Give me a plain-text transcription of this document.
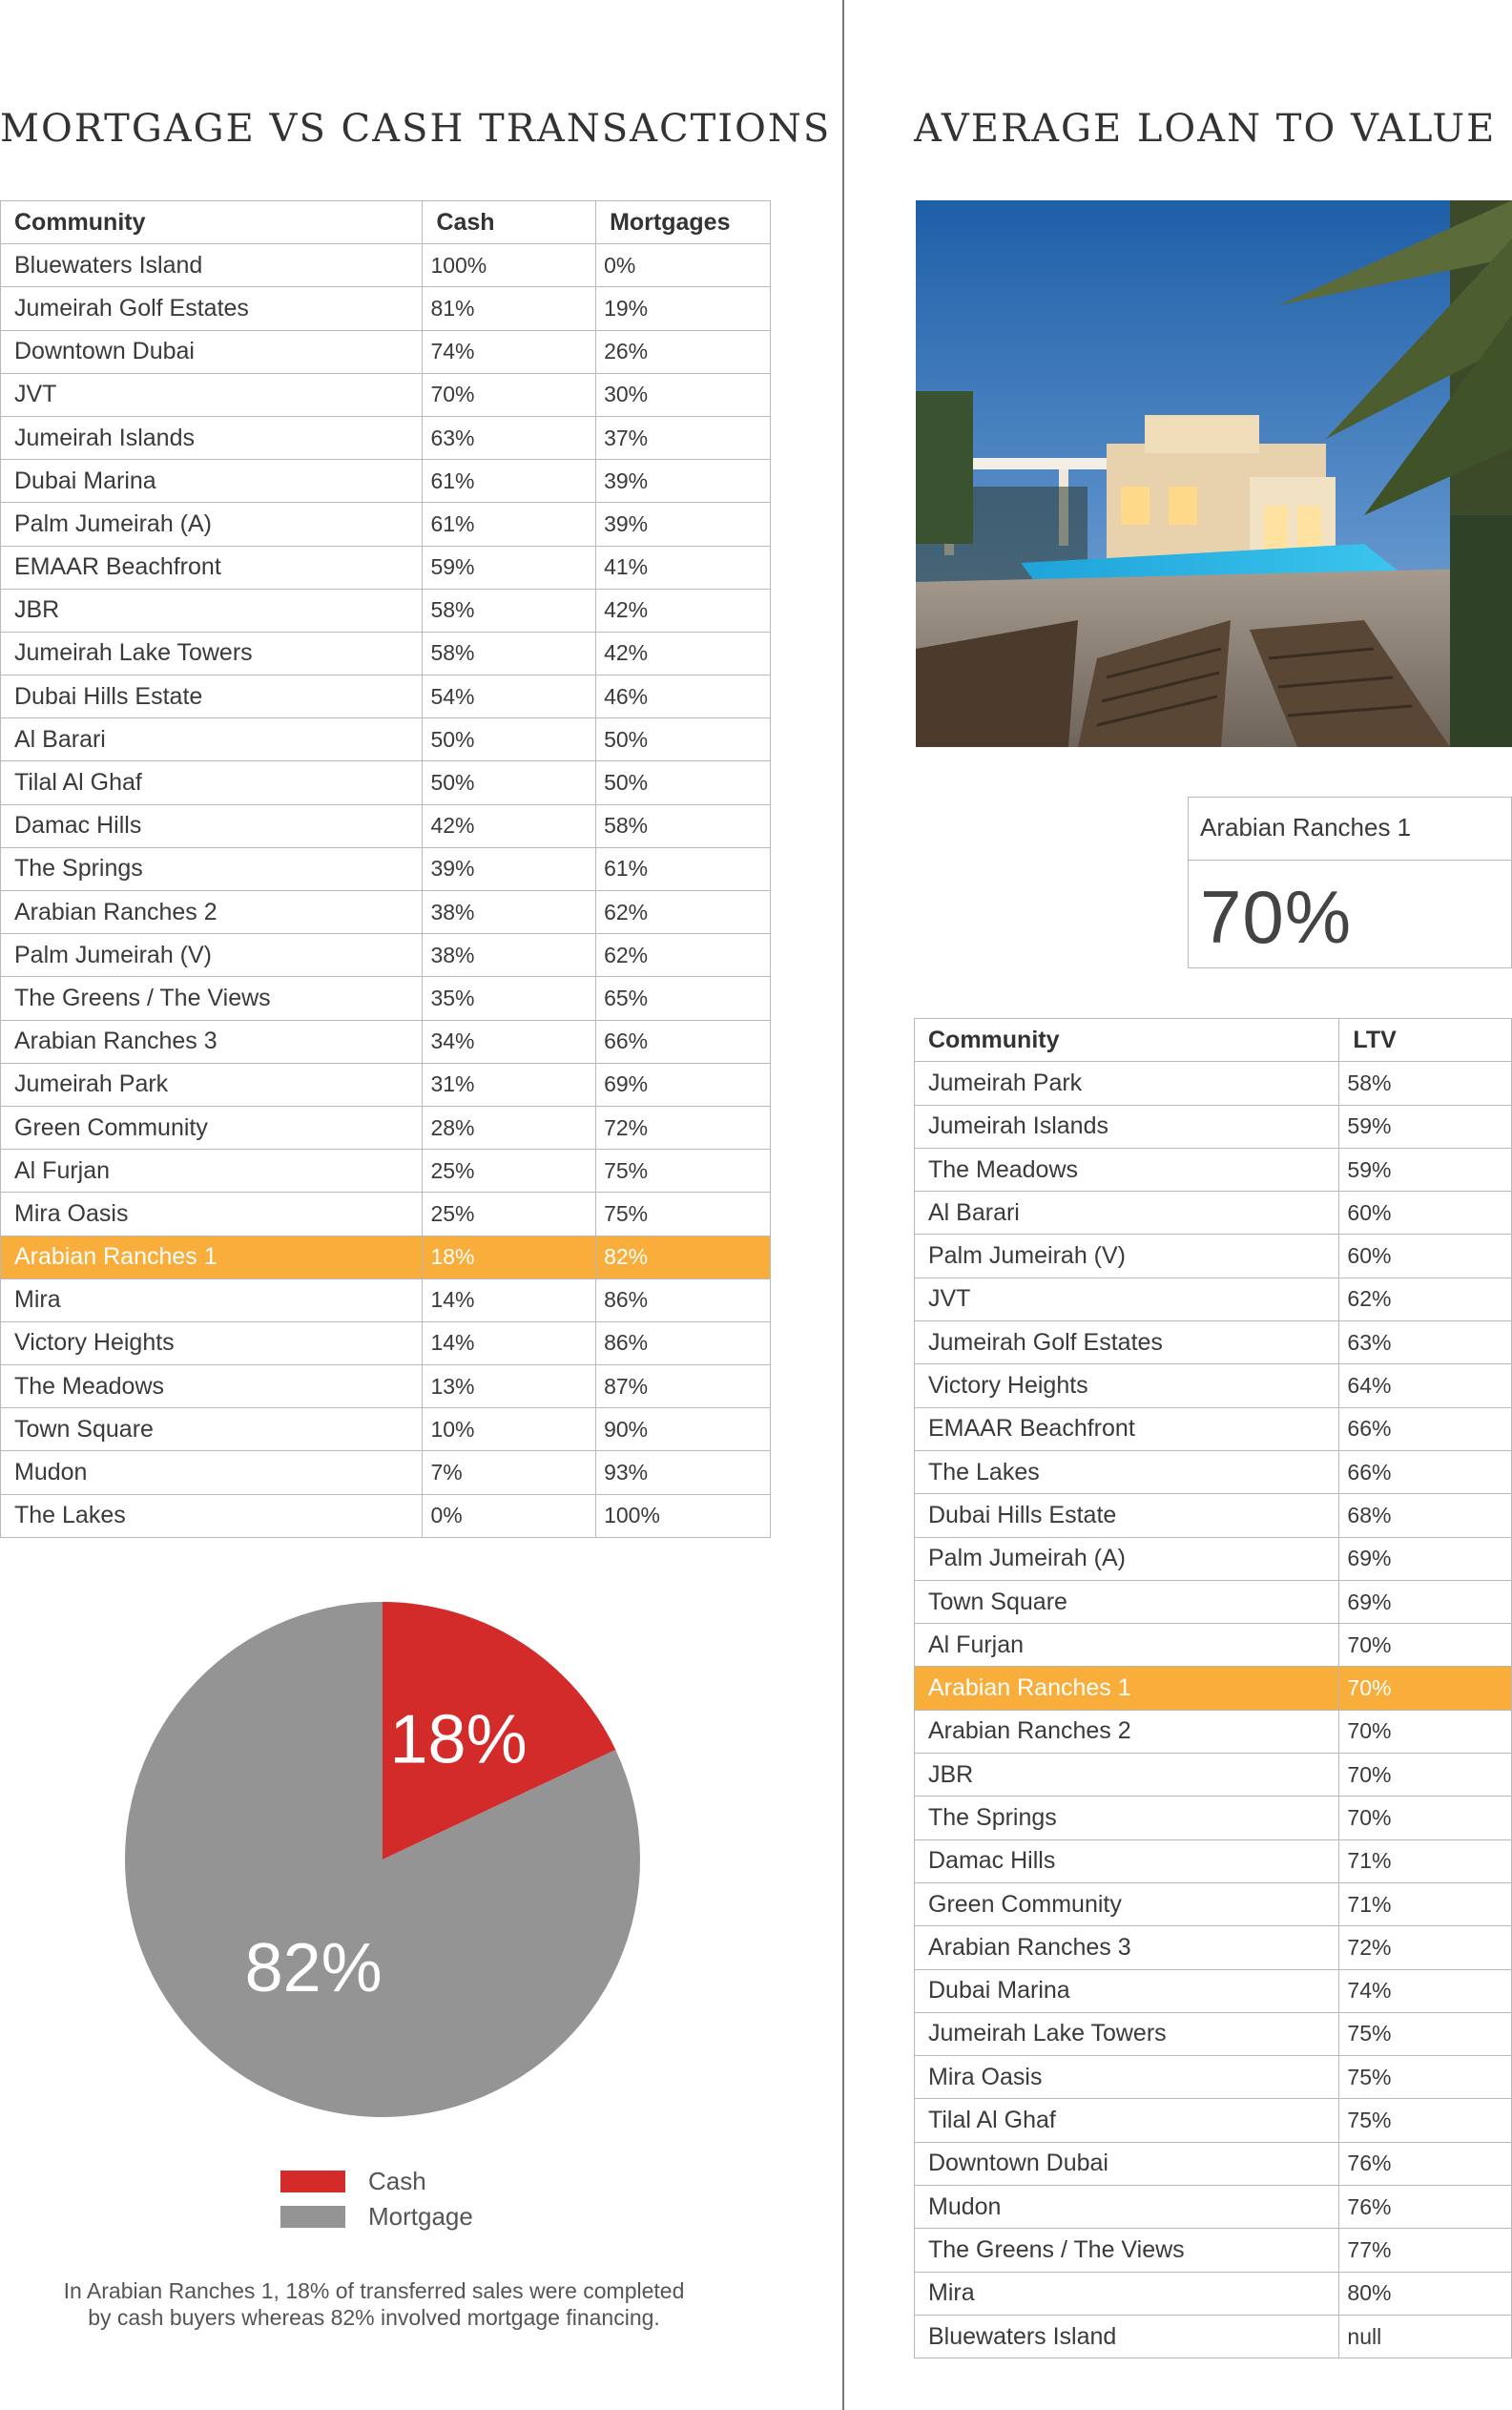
MORTGAGE VS CASH TRANSACTIONS
Community	Cash	Mortgages
Bluewaters Island	100%	0%
Jumeirah Golf Estates	81%	19%
Downtown Dubai	74%	26%
JVT	70%	30%
Jumeirah Islands	63%	37%
Dubai Marina	61%	39%
Palm Jumeirah (A)	61%	39%
EMAAR Beachfront	59%	41%
JBR	58%	42%
Jumeirah Lake Towers	58%	42%
Dubai Hills Estate	54%	46%
Al Barari	50%	50%
Tilal Al Ghaf	50%	50%
Damac Hills	42%	58%
The Springs	39%	61%
Arabian Ranches 2	38%	62%
Palm Jumeirah (V)	38%	62%
The Greens / The Views	35%	65%
Arabian Ranches 3	34%	66%
Jumeirah Park	31%	69%
Green Community	28%	72%
Al Furjan	25%	75%
Mira Oasis	25%	75%
Arabian Ranches 1	18%	82%
Mira	14%	86%
Victory Heights	14%	86%
The Meadows	13%	87%
Town Square	10%	90%
Mudon	7%	93%
The Lakes	0%	100%
18%
82%
Cash
Mortgage

In Arabian Ranches 1, 18% of transferred sales were completed by cash buyers whereas 82% involved mortgage financing.

AVERAGE LOAN TO VALUE
Arabian Ranches 1
70%
Community	LTV
Jumeirah Park	58%
Jumeirah Islands	59%
The Meadows	59%
Al Barari	60%
Palm Jumeirah (V)	60%
JVT	62%
Jumeirah Golf Estates	63%
Victory Heights	64%
EMAAR Beachfront	66%
The Lakes	66%
Dubai Hills Estate	68%
Palm Jumeirah (A)	69%
Town Square	69%
Al Furjan	70%
Arabian Ranches 1	70%
Arabian Ranches 2	70%
JBR	70%
The Springs	70%
Damac Hills	71%
Green Community	71%
Arabian Ranches 3	72%
Dubai Marina	74%
Jumeirah Lake Towers	75%
Mira Oasis	75%
Tilal Al Ghaf	75%
Downtown Dubai	76%
Mudon	76%
The Greens / The Views	77%
Mira	80%
Bluewaters Island	null
